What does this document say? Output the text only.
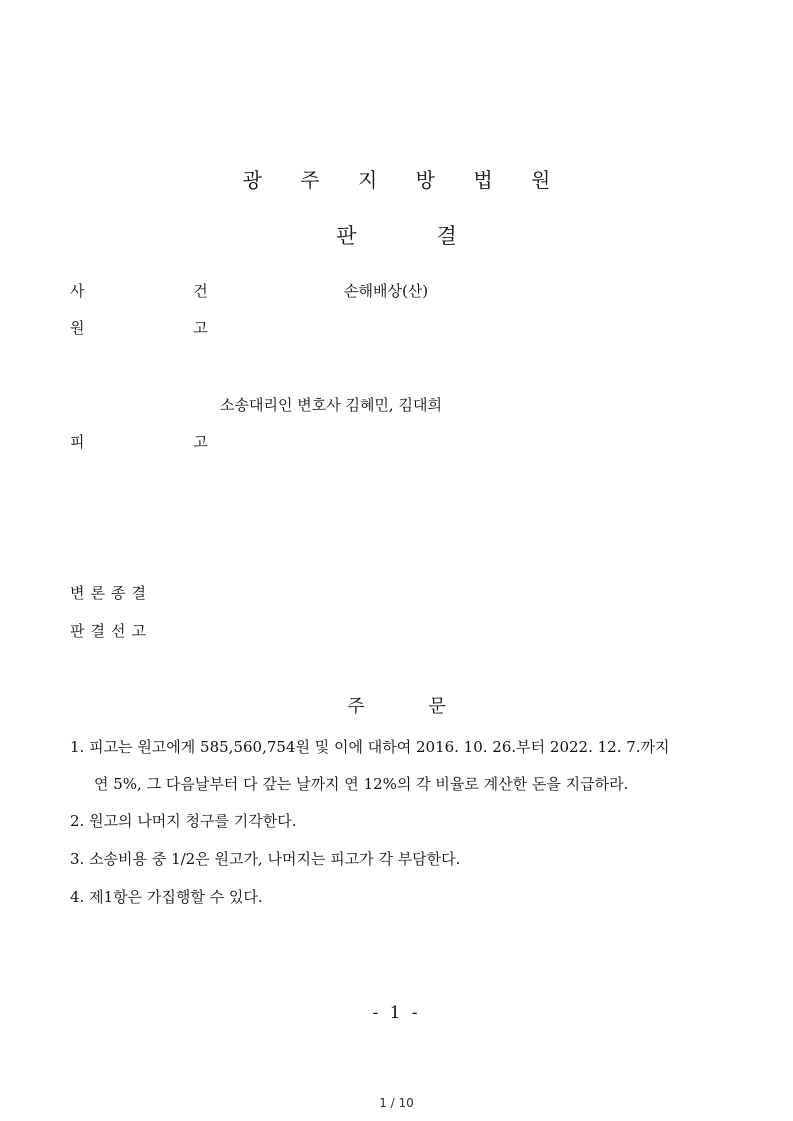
광 주 지 방 법 원
판	결
사 건	손해배상(산)
원 고
소송대리인 변호사 김혜민, 김대희
피 고
변론종결
판결선고
주	문
1. 피고는 원고에게 585,560,754원 및 이에 대하여 2016. 10. 26.부터 2022. 12. 7.까지
연 5%, 그 다음날부터 다 갚는 날까지 연 12%의 각 비율로 계산한 돈을 지급하라.
2. 원고의 나머지 청구를 기각한다.
3. 소송비용 중 1/2은 원고가, 나머지는 피고가 각 부담한다.
4. 제1항은 가집행할 수 있다.
- 1 -
1 / 10
